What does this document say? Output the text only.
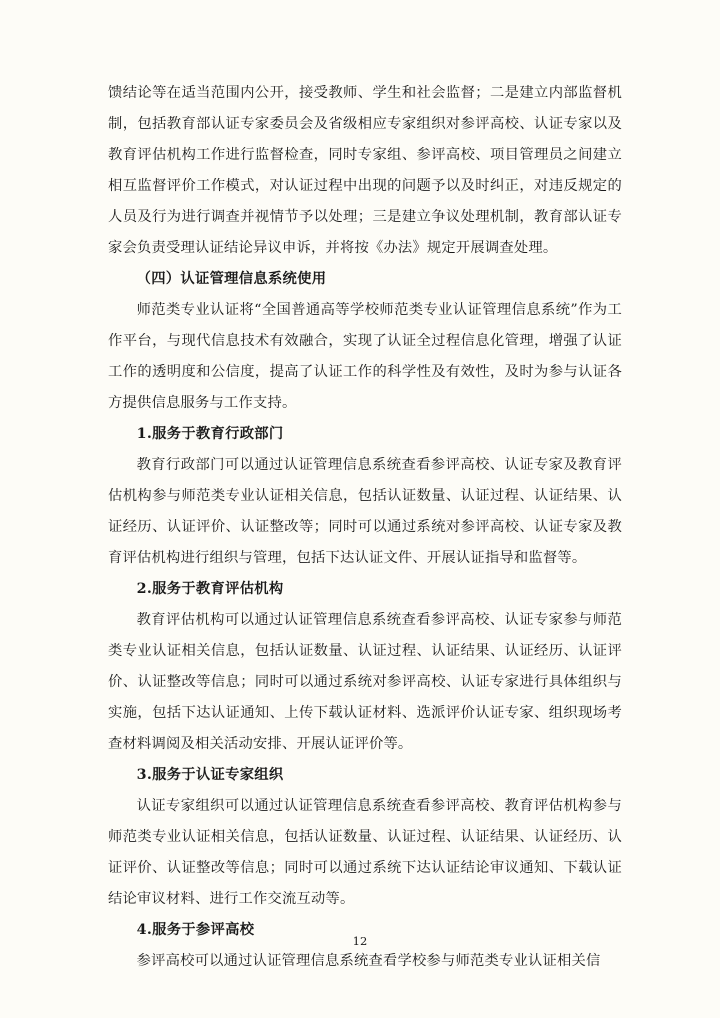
馈结论等在适当范围内公开，接受教师、学生和社会监督；二是建立内部监督机制，包括教育部认证专家委员会及省级相应专家组织对参评高校、认证专家以及教育评估机构工作进行监督检查，同时专家组、参评高校、项目管理员之间建立相互监督评价工作模式，对认证过程中出现的问题予以及时纠正，对违反规定的人员及行为进行调查并视情节予以处理；三是建立争议处理机制，教育部认证专家会负责受理认证结论异议申诉，并将按《办法》规定开展调查处理。

（四）认证管理信息系统使用

师范类专业认证将“全国普通高等学校师范类专业认证管理信息系统”作为工作平台，与现代信息技术有效融合，实现了认证全过程信息化管理，增强了认证工作的透明度和公信度，提高了认证工作的科学性及有效性，及时为参与认证各方提供信息服务与工作支持。

1.服务于教育行政部门

教育行政部门可以通过认证管理信息系统查看参评高校、认证专家及教育评估机构参与师范类专业认证相关信息，包括认证数量、认证过程、认证结果、认证经历、认证评价、认证整改等；同时可以通过系统对参评高校、认证专家及教育评估机构进行组织与管理，包括下达认证文件、开展认证指导和监督等。

2.服务于教育评估机构

教育评估机构可以通过认证管理信息系统查看参评高校、认证专家参与师范类专业认证相关信息，包括认证数量、认证过程、认证结果、认证经历、认证评价、认证整改等信息；同时可以通过系统对参评高校、认证专家进行具体组织与实施，包括下达认证通知、上传下载认证材料、选派评价认证专家、组织现场考查材料调阅及相关活动安排、开展认证评价等。

3.服务于认证专家组织

认证专家组织可以通过认证管理信息系统查看参评高校、教育评估机构参与师范类专业认证相关信息，包括认证数量、认证过程、认证结果、认证经历、认证评价、认证整改等信息；同时可以通过系统下达认证结论审议通知、下载认证结论审议材料、进行工作交流互动等。

4.服务于参评高校

参评高校可以通过认证管理信息系统查看学校参与师范类专业认证相关信

12
